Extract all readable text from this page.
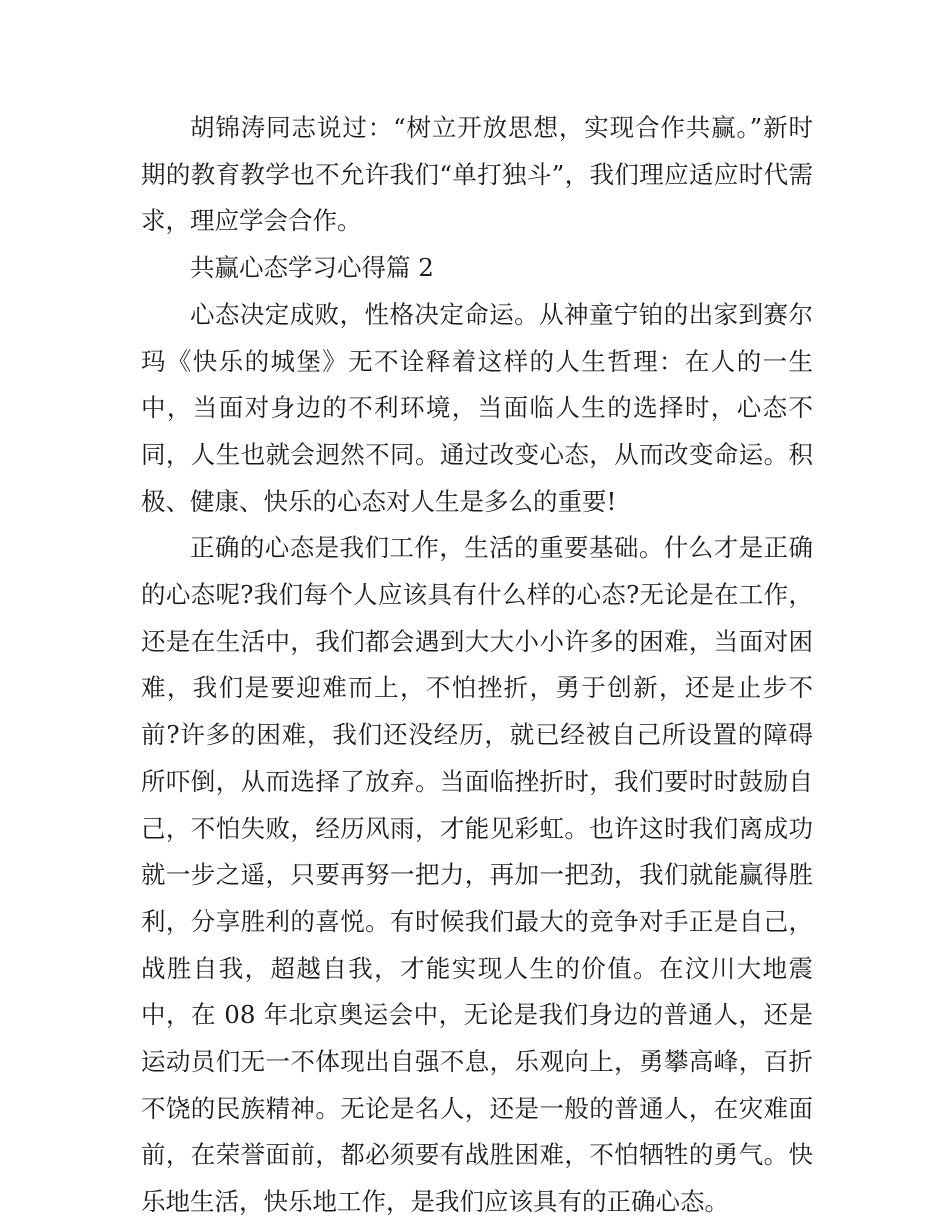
胡锦涛同志说过：“树立开放思想，实现合作共赢。”新时期的教育教学也不允许我们“单打独斗”，我们理应适应时代需求，理应学会合作。

共赢心态学习心得篇 2

心态决定成败，性格决定命运。从神童宁铂的出家到赛尔玛《快乐的城堡》无不诠释着这样的人生哲理：在人的一生中，当面对身边的不利环境，当面临人生的选择时，心态不同，人生也就会迥然不同。通过改变心态，从而改变命运。积极、健康、快乐的心态对人生是多么的重要!

正确的心态是我们工作，生活的重要基础。什么才是正确的心态呢?我们每个人应该具有什么样的心态?无论是在工作，还是在生活中，我们都会遇到大大小小许多的困难，当面对困难，我们是要迎难而上，不怕挫折，勇于创新，还是止步不前?许多的困难，我们还没经历，就已经被自己所设置的障碍所吓倒，从而选择了放弃。当面临挫折时，我们要时时鼓励自己，不怕失败，经历风雨，才能见彩虹。也许这时我们离成功就一步之遥，只要再努一把力，再加一把劲，我们就能赢得胜利，分享胜利的喜悦。有时候我们最大的竞争对手正是自己，战胜自我，超越自我，才能实现人生的价值。在汶川大地震中，在 08 年北京奥运会中，无论是我们身边的普通人，还是运动员们无一不体现出自强不息，乐观向上，勇攀高峰，百折不饶的民族精神。无论是名人，还是一般的普通人，在灾难面前，在荣誉面前，都必须要有战胜困难，不怕牺牲的勇气。快乐地生活，快乐地工作，是我们应该具有的正确心态。
